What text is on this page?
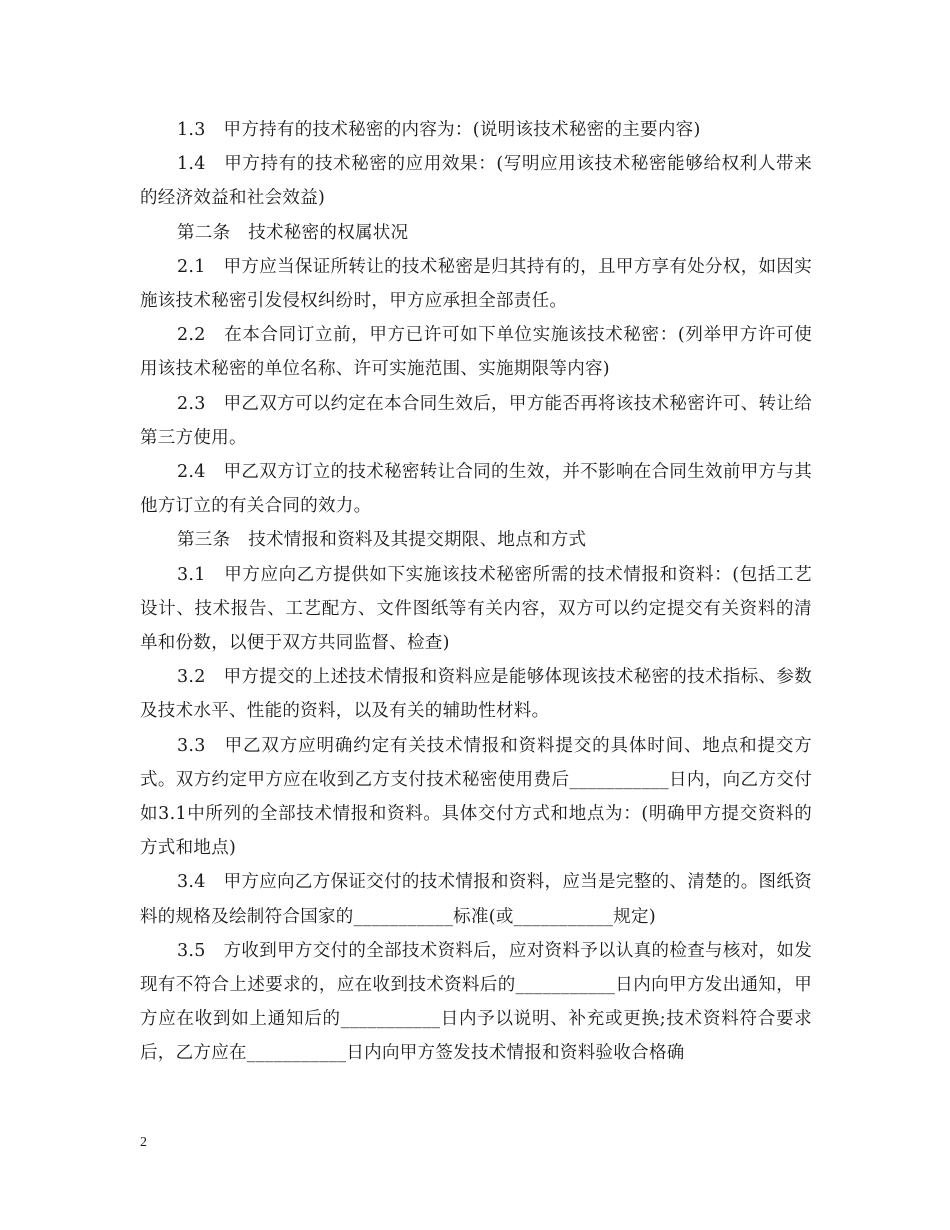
1.3　甲方持有的技术秘密的内容为：(说明该技术秘密的主要内容)

1.4　甲方持有的技术秘密的应用效果：(写明应用该技术秘密能够给权利人带来的经济效益和社会效益)

第二条　技术秘密的权属状况

2.1　甲方应当保证所转让的技术秘密是归其持有的，且甲方享有处分权，如因实施该技术秘密引发侵权纠纷时，甲方应承担全部责任。

2.2　在本合同订立前，甲方已许可如下单位实施该技术秘密：(列举甲方许可使用该技术秘密的单位名称、许可实施范围、实施期限等内容)

2.3　甲乙双方可以约定在本合同生效后，甲方能否再将该技术秘密许可、转让给第三方使用。

2.4　甲乙双方订立的技术秘密转让合同的生效，并不影响在合同生效前甲方与其他方订立的有关合同的效力。

第三条　技术情报和资料及其提交期限、地点和方式

3.1　甲方应向乙方提供如下实施该技术秘密所需的技术情报和资料：(包括工艺设计、技术报告、工艺配方、文件图纸等有关内容，双方可以约定提交有关资料的清单和份数，以便于双方共同监督、检查)

3.2　甲方提交的上述技术情报和资料应是能够体现该技术秘密的技术指标、参数及技术水平、性能的资料，以及有关的辅助性材料。

3.3　甲乙双方应明确约定有关技术情报和资料提交的具体时间、地点和提交方式。双方约定甲方应在收到乙方支付技术秘密使用费后___________日内，向乙方交付如3.1中所列的全部技术情报和资料。具体交付方式和地点为：(明确甲方提交资料的方式和地点)

3.4　甲方应向乙方保证交付的技术情报和资料，应当是完整的、清楚的。图纸资料的规格及绘制符合国家的___________标准(或___________规定)

3.5　方收到甲方交付的全部技术资料后，应对资料予以认真的检查与核对，如发现有不符合上述要求的，应在收到技术资料后的___________日内向甲方发出通知，甲方应在收到如上通知后的___________日内予以说明、补充或更换;技术资料符合要求后，乙方应在___________日内向甲方签发技术情报和资料验收合格确

2
